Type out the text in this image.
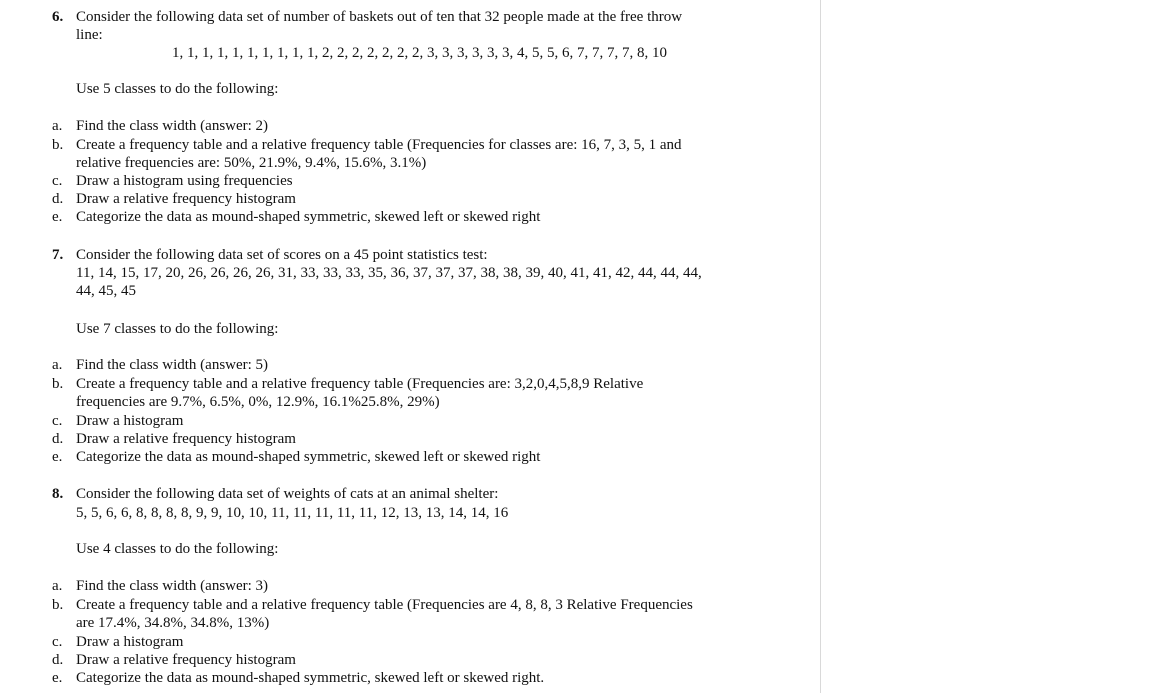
6. Consider the following data set of number of baskets out of ten that 32 people made at the free throw
line:
1, 1, 1, 1, 1, 1, 1, 1, 1, 1, 2, 2, 2, 2, 2, 2, 2, 3, 3, 3, 3, 3, 3, 4, 5, 5, 6, 7, 7, 7, 7, 8, 10
Use 5 classes to do the following:
a. Find the class width (answer: 2)
b. Create a frequency table and a relative frequency table (Frequencies for classes are: 16, 7, 3, 5, 1 and
relative frequencies are: 50%, 21.9%, 9.4%, 15.6%, 3.1%)
c. Draw a histogram using frequencies
d. Draw a relative frequency histogram
e. Categorize the data as mound-shaped symmetric, skewed left or skewed right
7. Consider the following data set of scores on a 45 point statistics test:
11, 14, 15, 17, 20, 26, 26, 26, 26, 31, 33, 33, 33, 35, 36, 37, 37, 37, 38, 38, 39, 40, 41, 41, 42, 44, 44, 44,
44, 45, 45
Use 7 classes to do the following:
a. Find the class width (answer: 5)
b. Create a frequency table and a relative frequency table (Frequencies are: 3,2,0,4,5,8,9 Relative
frequencies are 9.7%, 6.5%, 0%, 12.9%, 16.1%25.8%, 29%)
c. Draw a histogram
d. Draw a relative frequency histogram
e. Categorize the data as mound-shaped symmetric, skewed left or skewed right
8. Consider the following data set of weights of cats at an animal shelter:
5, 5, 6, 6, 8, 8, 8, 8, 9, 9, 10, 10, 11, 11, 11, 11, 11, 12, 13, 13, 14, 14, 16
Use 4 classes to do the following:
a. Find the class width (answer: 3)
b. Create a frequency table and a relative frequency table (Frequencies are 4, 8, 8, 3 Relative Frequencies
are 17.4%, 34.8%, 34.8%, 13%)
c. Draw a histogram
d. Draw a relative frequency histogram
e. Categorize the data as mound-shaped symmetric, skewed left or skewed right.
